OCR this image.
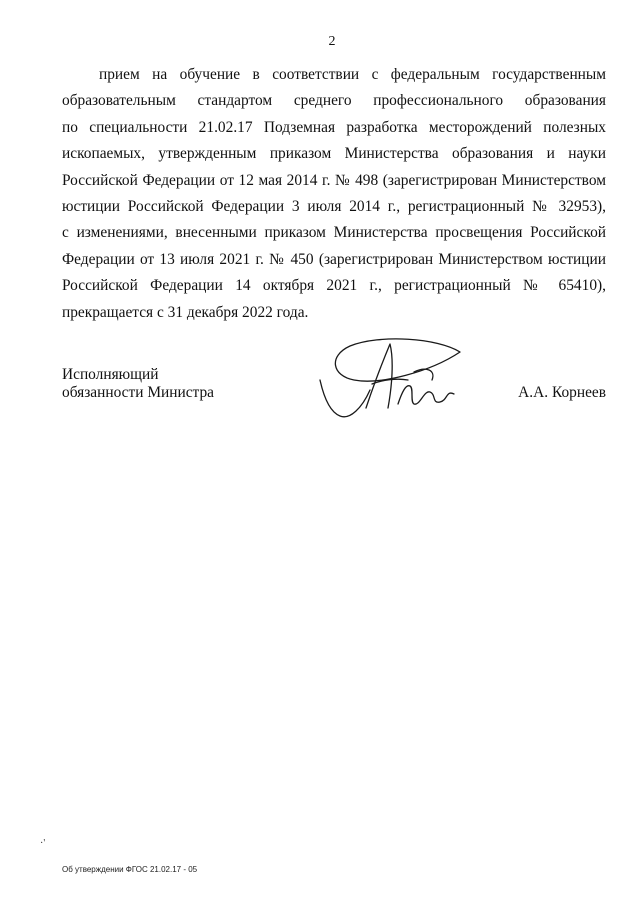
2
прием на обучение в соответствии с федеральным государственным
образовательным стандартом среднего профессионального образования
по специальности 21.02.17 Подземная разработка месторождений полезных
ископаемых, утвержденным приказом Министерства образования и науки
Российской Федерации от 12 мая 2014 г. № 498 (зарегистрирован Министерством
юстиции Российской Федерации 3 июля 2014 г., регистрационный № 32953),
с изменениями, внесенными приказом Министерства просвещения Российской
Федерации от 13 июля 2021 г. № 450 (зарегистрирован Министерством юстиции
Российской Федерации 14 октября 2021 г., регистрационный № 65410),
прекращается с 31 декабря 2022 года.
Исполняющий
обязанности Министра	А.А. Корнеев
·'
Об утверждении ФГОС 21.02.17 - 05
